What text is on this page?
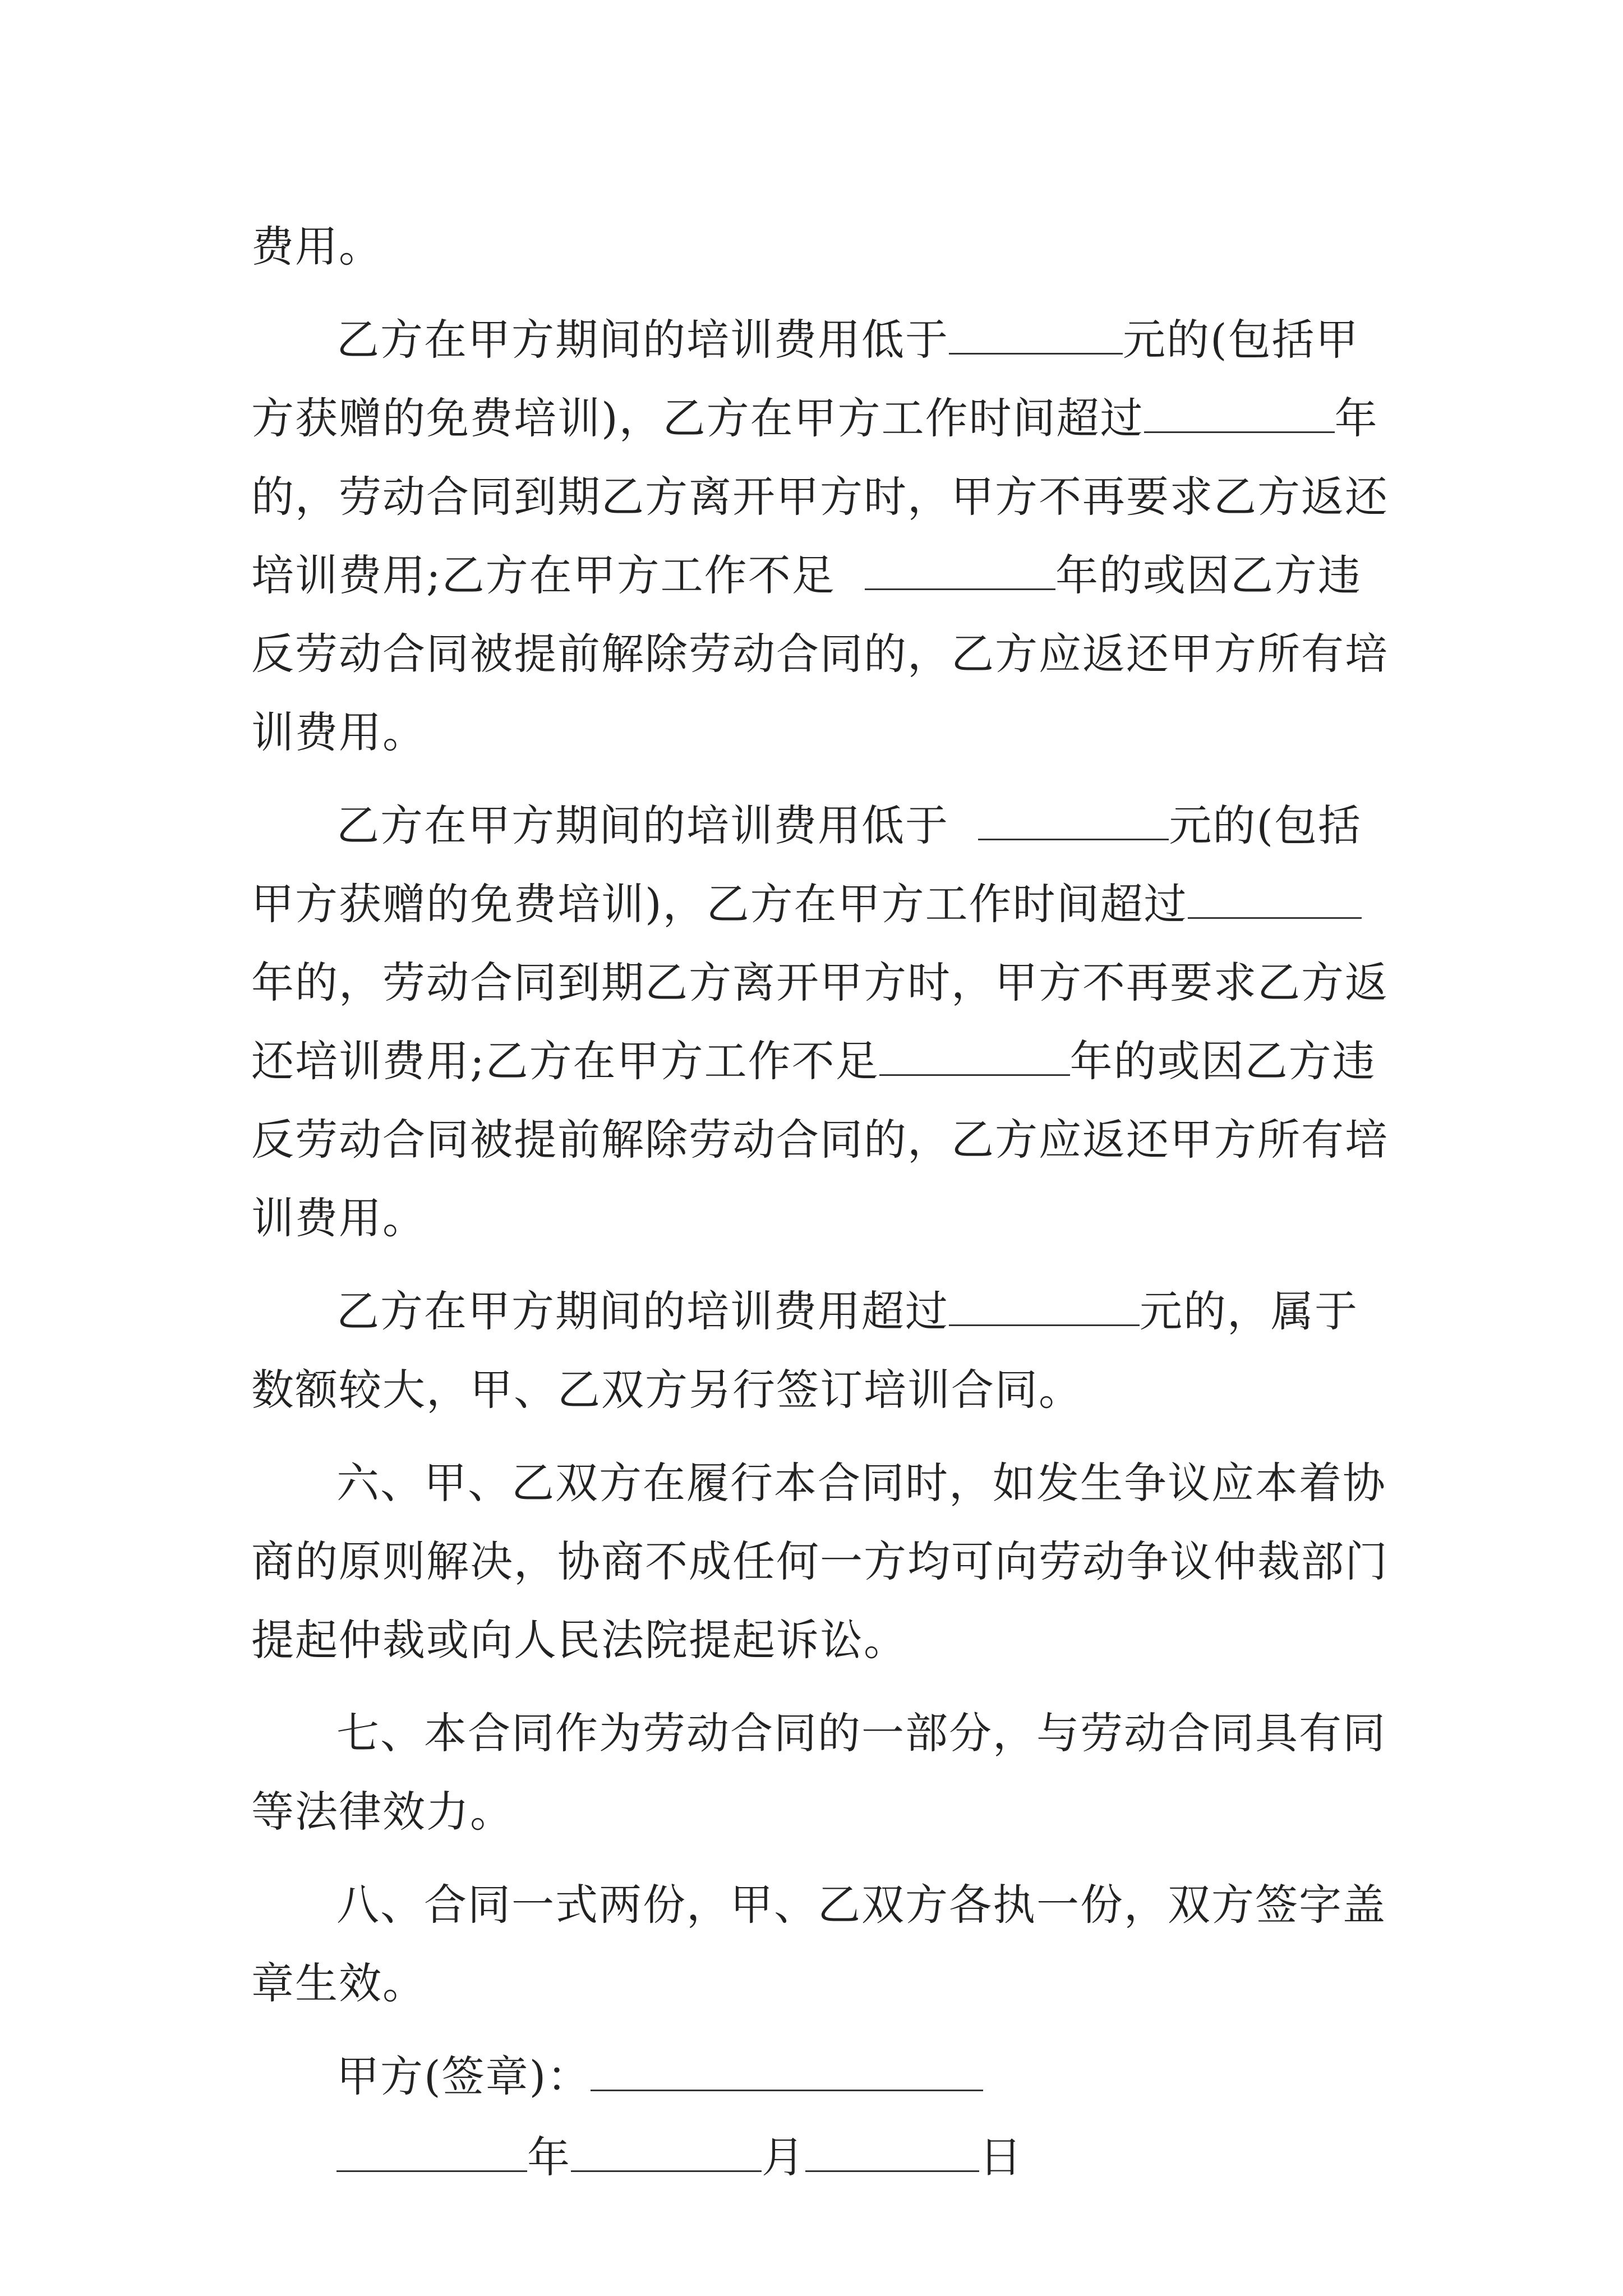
费用。
乙方在甲方期间的培训费用低于	元的(包括甲
方获赠的免费培训)，乙方在甲方工作时间超过	年
的，劳动合同到期乙方离开甲方时，甲方不再要求乙方返还
培训费用;乙方在甲方工作不足	年的或因乙方违
反劳动合同被提前解除劳动合同的，乙方应返还甲方所有培
训费用。
乙方在甲方期间的培训费用低于	元的(包括
甲方获赠的免费培训)，乙方在甲方工作时间超过
年的，劳动合同到期乙方离开甲方时，甲方不再要求乙方返
还培训费用;乙方在甲方工作不足	年的或因乙方违
反劳动合同被提前解除劳动合同的，乙方应返还甲方所有培
训费用。
乙方在甲方期间的培训费用超过	元的，属于
数额较大，甲、乙双方另行签订培训合同。
六、甲、乙双方在履行本合同时，如发生争议应本着协
商的原则解决，协商不成任何一方均可向劳动争议仲裁部门
提起仲裁或向人民法院提起诉讼。
七、本合同作为劳动合同的一部分，与劳动合同具有同
等法律效力。
八、合同一式两份，甲、乙双方各执一份，双方签字盖
章生效。
甲方(签章)：
年	月	日
